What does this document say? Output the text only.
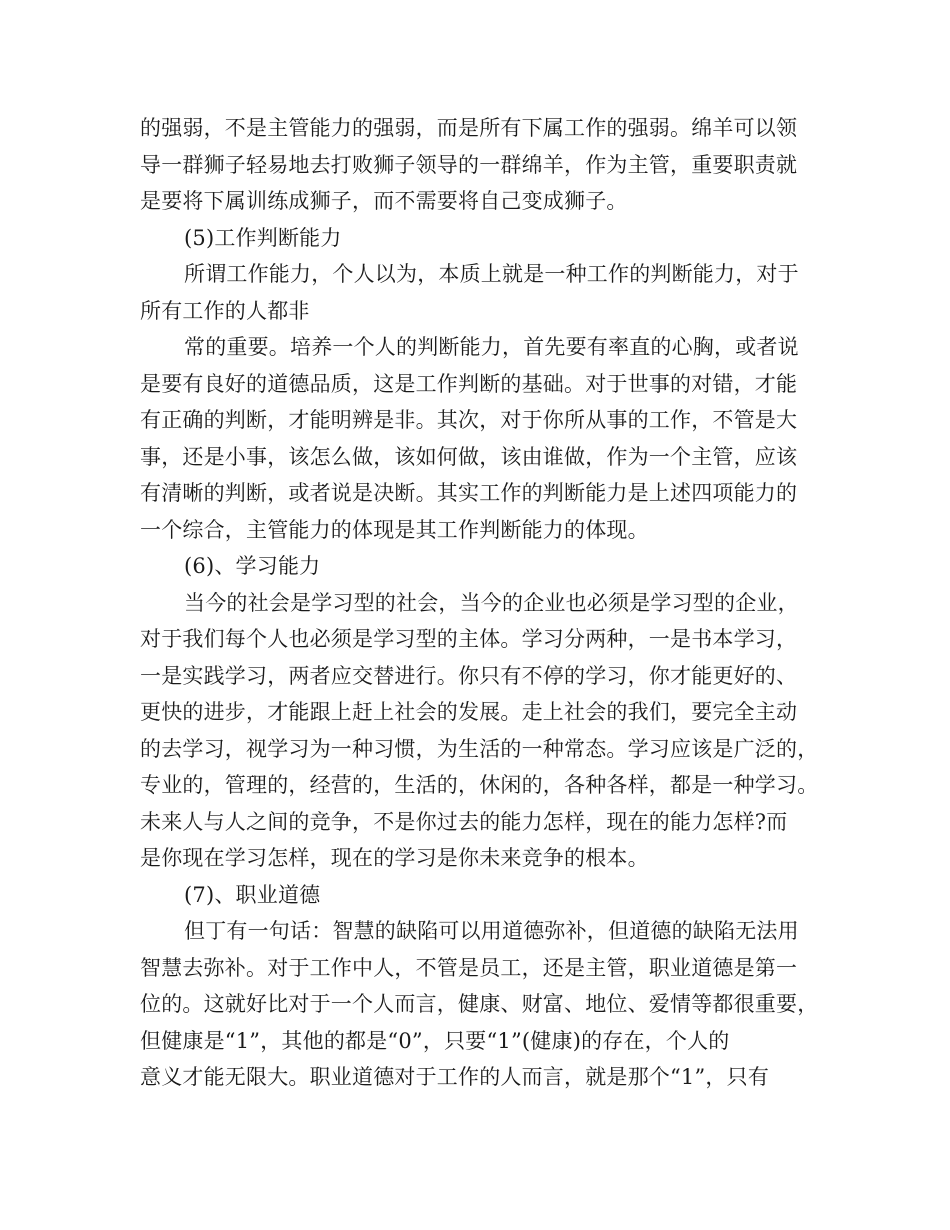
的强弱，不是主管能力的强弱，而是所有下属工作的强弱。绵羊可以领
导一群狮子轻易地去打败狮子领导的一群绵羊，作为主管，重要职责就
是要将下属训练成狮子，而不需要将自己变成狮子。
(5)工作判断能力
所谓工作能力，个人以为，本质上就是一种工作的判断能力，对于
所有工作的人都非
常的重要。培养一个人的判断能力，首先要有率直的心胸，或者说
是要有良好的道德品质，这是工作判断的基础。对于世事的对错，才能
有正确的判断，才能明辨是非。其次，对于你所从事的工作，不管是大
事，还是小事，该怎么做，该如何做，该由谁做，作为一个主管，应该
有清晰的判断，或者说是决断。其实工作的判断能力是上述四项能力的
一个综合，主管能力的体现是其工作判断能力的体现。
(6)、学习能力
当今的社会是学习型的社会，当今的企业也必须是学习型的企业，
对于我们每个人也必须是学习型的主体。学习分两种，一是书本学习，
一是实践学习，两者应交替进行。你只有不停的学习，你才能更好的、
更快的进步，才能跟上赶上社会的发展。走上社会的我们，要完全主动
的去学习，视学习为一种习惯，为生活的一种常态。学习应该是广泛的，
专业的，管理的，经营的，生活的，休闲的，各种各样，都是一种学习。
未来人与人之间的竞争，不是你过去的能力怎样，现在的能力怎样?而
是你现在学习怎样，现在的学习是你未来竞争的根本。
(7)、职业道德
但丁有一句话：智慧的缺陷可以用道德弥补，但道德的缺陷无法用
智慧去弥补。对于工作中人，不管是员工，还是主管，职业道德是第一
位的。这就好比对于一个人而言，健康、财富、地位、爱情等都很重要，
但健康是“1”，其他的都是“0”，只要“1”(健康)的存在，个人的
意义才能无限大。职业道德对于工作的人而言，就是那个“1”，只有
